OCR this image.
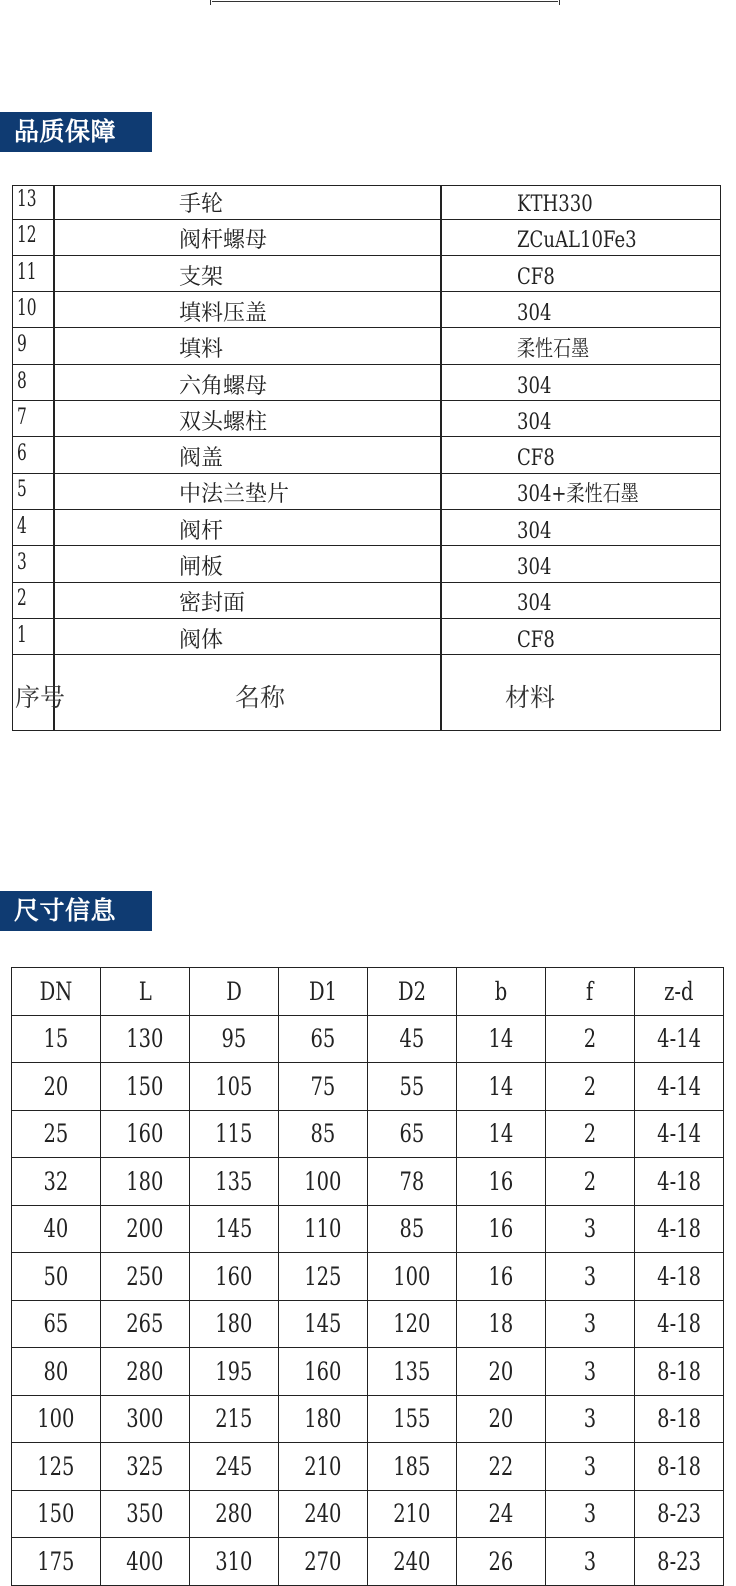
品质保障
序号	名称	材料
13	手轮	KTH330
12	阀杆螺母	ZCuAL10Fe3
11	支架	CF8
10	填料压盖	304
9	填料	柔性石墨
8	六角螺母	304
7	双头螺柱	304
6	阀盖	CF8
5	中法兰垫片	304+柔性石墨
4	阀杆	304
3	闸板	304
2	密封面	304
1	阀体	CF8
尺寸信息
DN	L	D	D1	D2	b	f	z-d
15	130	95	65	45	14	2	4-14
20	150	105	75	55	14	2	4-14
25	160	115	85	65	14	2	4-14
32	180	135	100	78	16	2	4-18
40	200	145	110	85	16	3	4-18
50	250	160	125	100	16	3	4-18
65	265	180	145	120	18	3	4-18
80	280	195	160	135	20	3	8-18
100	300	215	180	155	20	3	8-18
125	325	245	210	185	22	3	8-18
150	350	280	240	210	24	3	8-23
175	400	310	270	240	26	3	8-23
